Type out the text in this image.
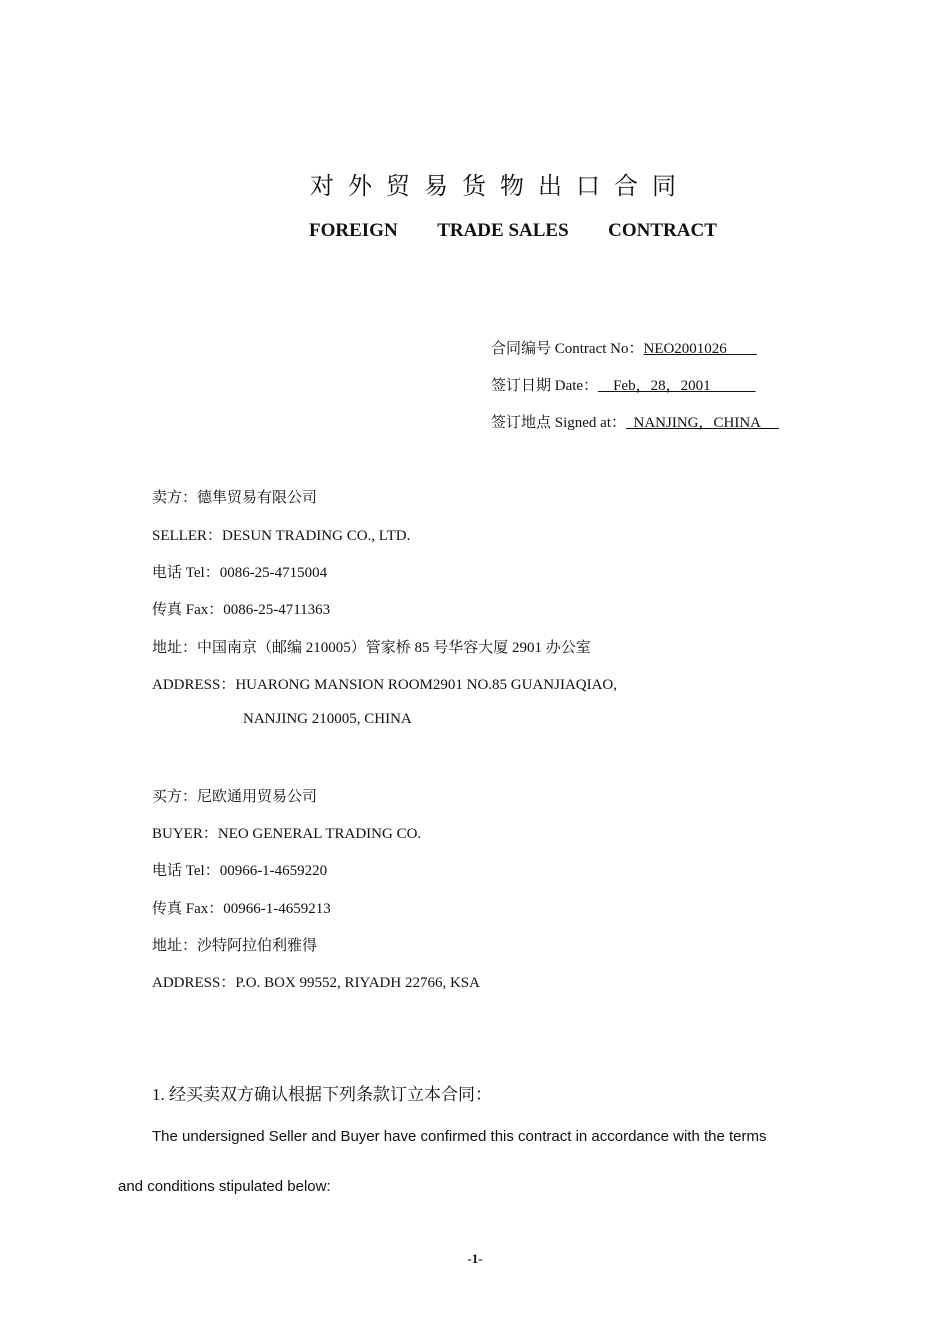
对外贸易货物出口合同
FOREIGN TRADE SALES CONTRACT
合同编号 Contract No：NEO2001026
签订日期 Date：    Feb，28，2001
签订地点 Signed at：  NANJING，CHINA
卖方：德隼贸易有限公司
SELLER：DESUN TRADING CO., LTD.
电话 Tel：0086-25-4715004
传真 Fax：0086-25-4711363
地址：中国南京（邮编 210005）管家桥 85 号华容大厦 2901 办公室
ADDRESS：HUARONG MANSION ROOM2901 NO.85 GUANJIAQIAO,
NANJING 210005, CHINA
买方：尼欧通用贸易公司
BUYER：NEO GENERAL TRADING CO.
电话 Tel：00966-1-4659220
传真 Fax：00966-1-4659213
地址：沙特阿拉伯利雅得
ADDRESS：P.O. BOX 99552, RIYADH 22766, KSA
1. 经买卖双方确认根据下列条款订立本合同：
The undersigned Seller and Buyer have confirmed this contract in accordance with the terms
and conditions stipulated below:
-1-
